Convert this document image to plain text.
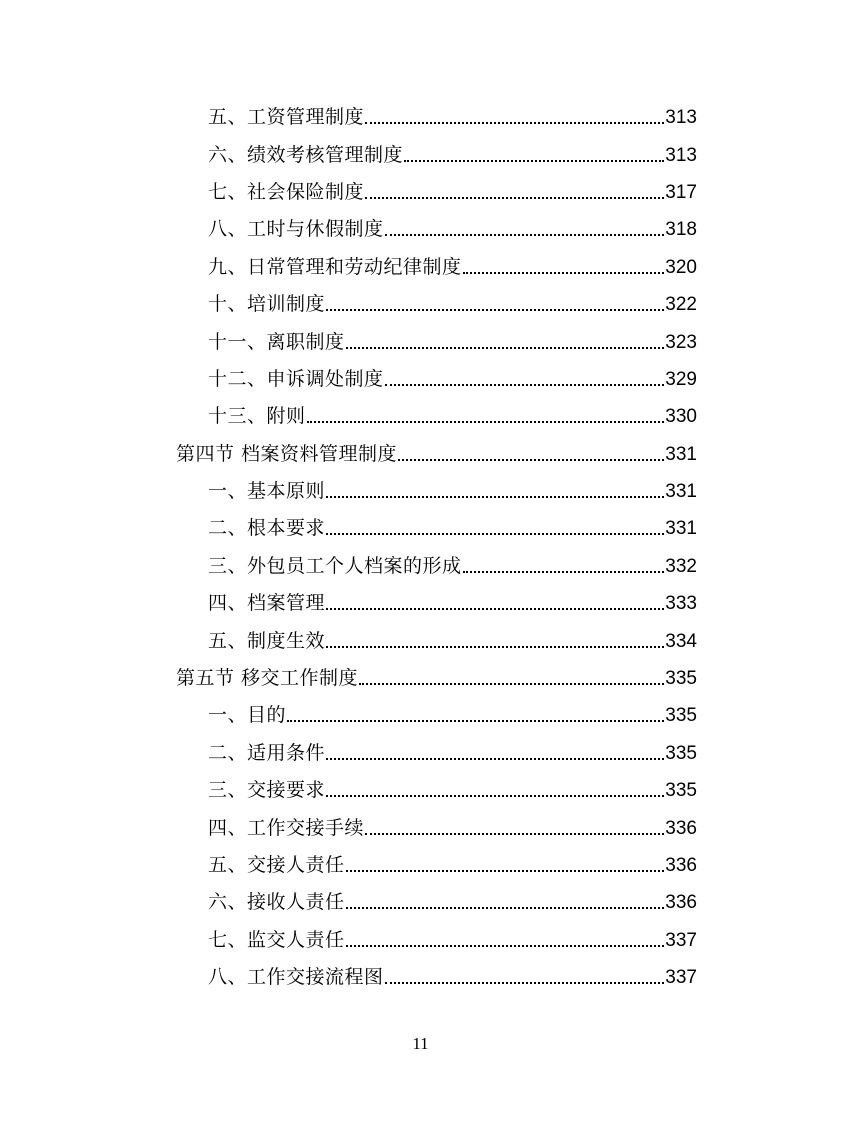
五、工资管理制度	313
六、绩效考核管理制度	313
七、社会保险制度	317
八、工时与休假制度	318
九、日常管理和劳动纪律制度	320
十、培训制度	322
十一、离职制度	323
十二、申诉调处制度	329
十三、附则	330
第四节 档案资料管理制度	331
一、基本原则	331
二、根本要求	331
三、外包员工个人档案的形成	332
四、档案管理	333
五、制度生效	334
第五节 移交工作制度	335
一、目的	335
二、适用条件	335
三、交接要求	335
四、工作交接手续	336
五、交接人责任	336
六、接收人责任	336
七、监交人责任	337
八、工作交接流程图	337
11
